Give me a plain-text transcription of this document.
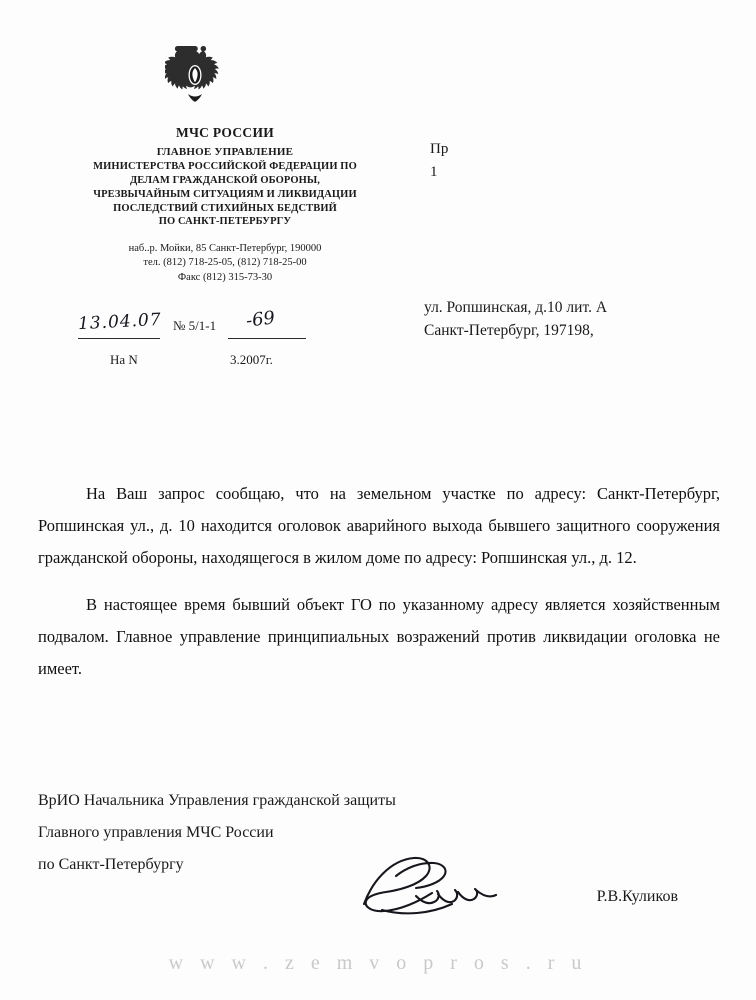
МЧС РОССИИ
ГЛАВНОЕ УПРАВЛЕНИЕ
МИНИСТЕРСТВА РОССИЙСКОЙ ФЕДЕРАЦИИ ПО
ДЕЛАМ ГРАЖДАНСКОЙ ОБОРОНЫ,
ЧРЕЗВЫЧАЙНЫМ СИТУАЦИЯМ И ЛИКВИДАЦИИ
ПОСЛЕДСТВИЙ СТИХИЙНЫХ БЕДСТВИЙ
ПО САНКТ-ПЕТЕРБУРГУ
наб..р. Мойки, 85 Санкт-Петербург, 190000
тел. (812) 718-25-05, (812) 718-25-00
Факс (812) 315-73-30
13.04.07 № 5/1-1 -69
На N	3.2007г.
Пр
1
ул. Ропшинская, д.10 лит. А
Санкт-Петербург, 197198,

На Ваш запрос сообщаю, что на земельном участке по адресу: Санкт-Петербург, Ропшинская ул., д. 10 находится оголовок аварийного выхода бывшего защитного сооружения гражданской обороны, находящегося в жилом доме по адресу: Ропшинская ул., д. 12.

В настоящее время бывший объект ГО по указанному адресу является хозяйственным подвалом. Главное управление принципиальных возражений против ликвидации оголовка не имеет.

ВрИО Начальника Управления гражданской защиты
Главного управления МЧС России
по Санкт-Петербургу
Р.В.Куликов
w w w . z e m v o p r o s . r u
